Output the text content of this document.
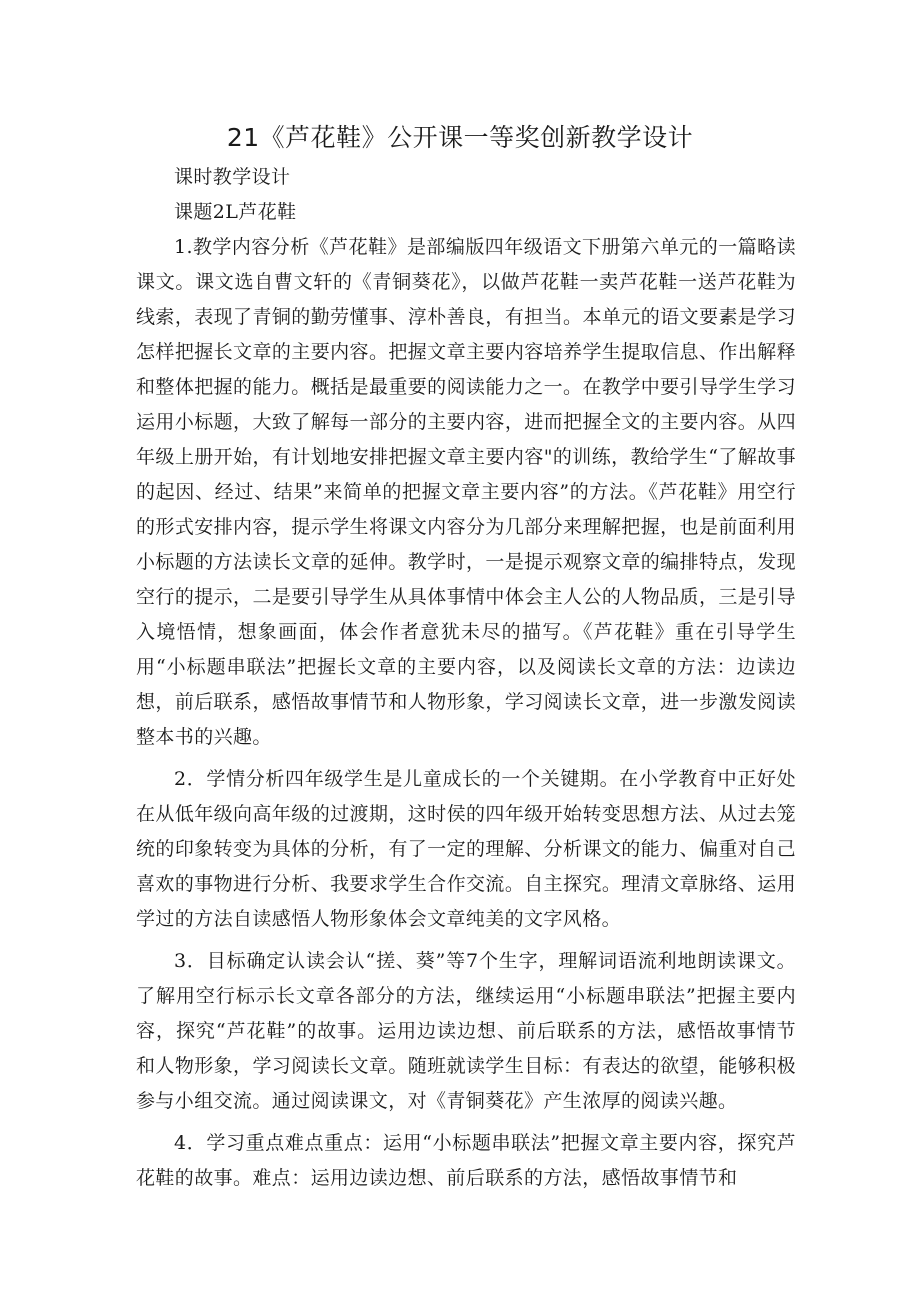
21《芦花鞋》公开课一等奖创新教学设计

课时教学设计

课题2L芦花鞋

1.教学内容分析《芦花鞋》是部编版四年级语文下册第六单元的一篇略读课文。课文选自曹文轩的《青铜葵花》，以做芦花鞋一卖芦花鞋一送芦花鞋为线索，表现了青铜的勤劳懂事、淳朴善良，有担当。本单元的语文要素是学习怎样把握长文章的主要内容。把握文章主要内容培养学生提取信息、作出解释和整体把握的能力。概括是最重要的阅读能力之一。在教学中要引导学生学习运用小标题，大致了解每一部分的主要内容，进而把握全文的主要内容。从四年级上册开始，有计划地安排把握文章主要内容"的训练，教给学生“了解故事的起因、经过、结果”来简单的把握文章主要内容”的方法。《芦花鞋》用空行的形式安排内容，提示学生将课文内容分为几部分来理解把握，也是前面利用小标题的方法读长文章的延伸。教学时，一是提示观察文章的编排特点，发现空行的提示，二是要引导学生从具体事情中体会主人公的人物品质，三是引导入境悟情，想象画面，体会作者意犹未尽的描写。《芦花鞋》重在引导学生用“小标题串联法”把握长文章的主要内容，以及阅读长文章的方法：边读边想，前后联系，感悟故事情节和人物形象，学习阅读长文章，进一步激发阅读整本书的兴趣。

2．学情分析四年级学生是儿童成长的一个关键期。在小学教育中正好处在从低年级向高年级的过渡期，这时侯的四年级开始转变思想方法、从过去笼统的印象转变为具体的分析，有了一定的理解、分析课文的能力、偏重对自己喜欢的事物进行分析、我要求学生合作交流。自主探究。理清文章脉络、运用学过的方法自读感悟人物形象体会文章纯美的文字风格。

3．目标确定认读会认“搓、葵”等7个生字，理解词语流利地朗读课文。了解用空行标示长文章各部分的方法，继续运用“小标题串联法”把握主要内容，探究“芦花鞋”的故事。运用边读边想、前后联系的方法，感悟故事情节和人物形象，学习阅读长文章。随班就读学生目标：有表达的欲望，能够积极参与小组交流。通过阅读课文，对《青铜葵花》产生浓厚的阅读兴趣。

4．学习重点难点重点：运用“小标题串联法”把握文章主要内容，探究芦花鞋的故事。难点：运用边读边想、前后联系的方法，感悟故事情节和
